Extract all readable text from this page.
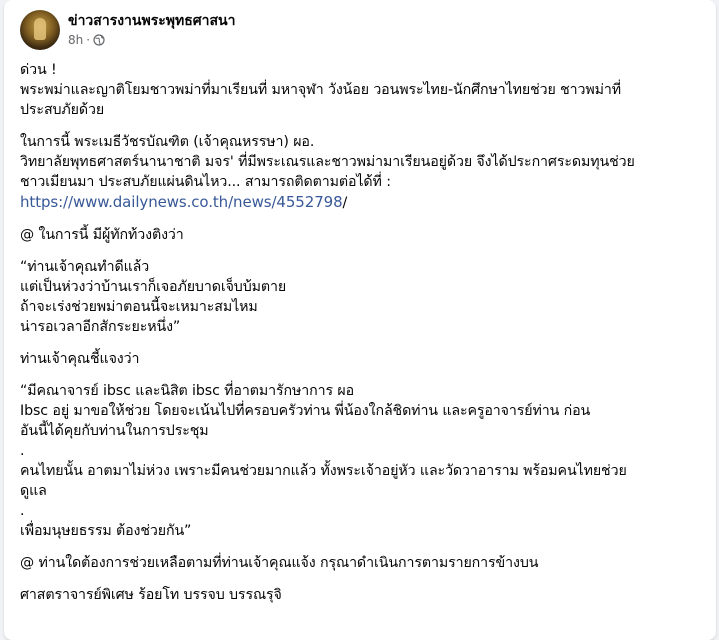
ข่าวสารงานพระพุทธศาสนา
8h ·
ด่วน !
พระพม่าและญาติโยมชาวพม่าที่มาเรียนที่ มหาจุฬา วังน้อย วอนพระไทย-นักศึกษาไทยช่วย ชาวพม่าที่
ประสบภัยด้วย
ในการนี้ พระเมธีวัชรบัณฑิต (เจ้าคุณหรรษา) ผอ.
วิทยาลัยพุทธศาสตร์นานาชาติ มจร' ที่มีพระเณรและชาวพม่ามาเรียนอยู่ด้วย จึงได้ประกาศระดมทุนช่วย
ชาวเมียนมา ประสบภัยแผ่นดินไหว... สามารถติดตามต่อได้ที่ :
https://www.dailynews.co.th/news/4552798/
@ ในการนี้ มีผู้ทักท้วงติงว่า
“ท่านเจ้าคุณทำดีแล้ว
แต่เป็นห่วงว่าบ้านเราก็เจอภัยบาดเจ็บบ้มตาย
ถ้าจะเร่งช่วยพม่าตอนนี้จะเหมาะสมไหม
น่ารอเวลาอีกสักระยะหนึ่ง”
ท่านเจ้าคุณชี้แจงว่า
“มีคณาจารย์ ibsc และนิสิต ibsc ที่อาตมารักษาการ ผอ
Ibsc อยู่ มาขอให้ช่วย โดยจะเน้นไปที่ครอบครัวท่าน พี่น้องใกล้ชิดท่าน และครูอาจารย์ท่าน ก่อน
อันนี้ได้คุยกับท่านในการประชุม
.
คนไทยนั้น อาตมาไม่ห่วง เพราะมีคนช่วยมากแล้ว ทั้งพระเจ้าอยู่หัว และวัดวาอาราม พร้อมคนไทยช่วย
ดูแล
.
เพื่อมนุษยธรรม ต้องช่วยกัน”
@ ท่านใดต้องการช่วยเหลือตามที่ท่านเจ้าคุณแจ้ง กรุณาดำเนินการตามรายการข้างบน
ศาสตราจารย์พิเศษ ร้อยโท บรรจบ บรรณรุจิ
